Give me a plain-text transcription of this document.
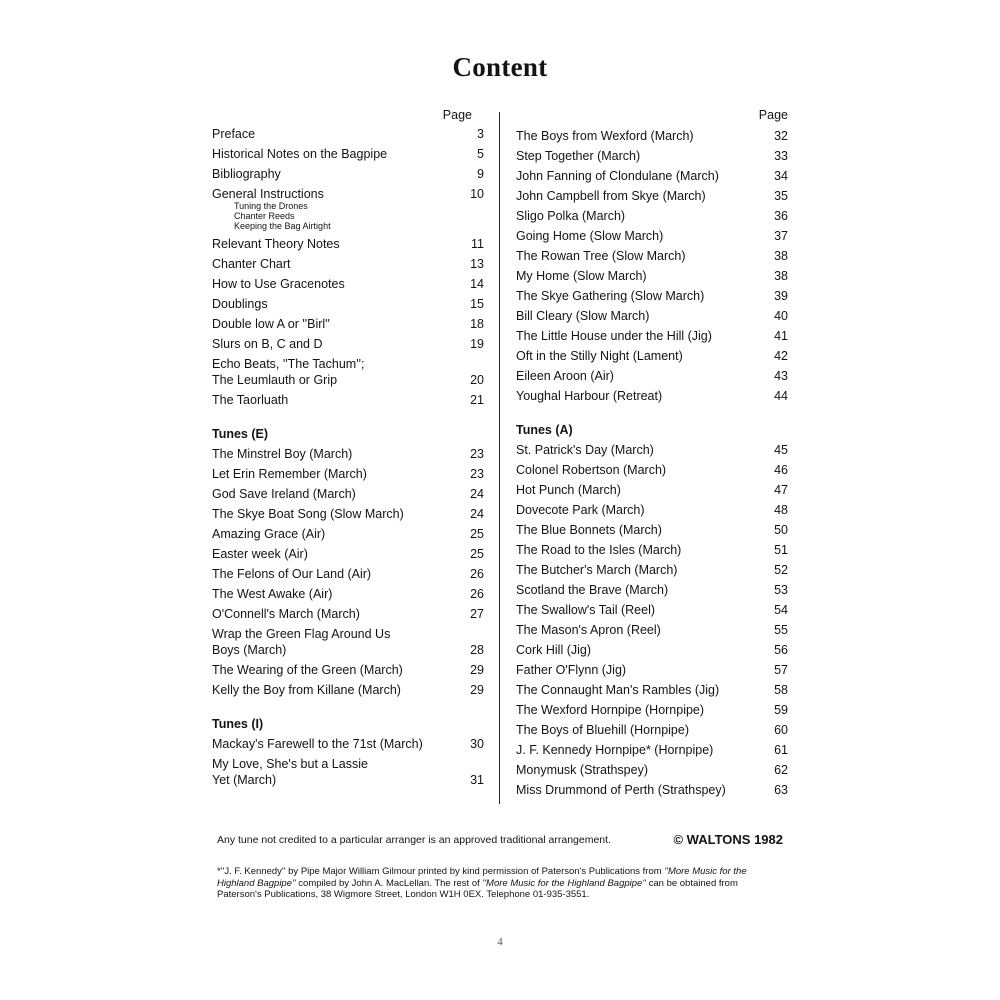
Content
Page
Preface	3
Historical Notes on the Bagpipe	5
Bibliography	9
General Instructions	10
Tuning the Drones
Chanter Reeds
Keeping the Bag Airtight
Relevant Theory Notes	11
Chanter Chart	13
How to Use Gracenotes	14
Doublings	15
Double low A or ''Birl''	18
Slurs on B, C and D	19
Echo Beats, ''The Tachum'';
The Leumlauth or Grip	20
The Taorluath	21
Tunes (E)
The Minstrel Boy (March)	23
Let Erin Remember (March)	23
God Save Ireland (March)	24
The Skye Boat Song (Slow March)	24
Amazing Grace (Air)	25
Easter week (Air)	25
The Felons of Our Land (Air)	26
The West Awake (Air)	26
O'Connell's March (March)	27
Wrap the Green Flag Around Us
Boys (March)	28
The Wearing of the Green (March)	29
Kelly the Boy from Killane (March)	29
Tunes (I)
Mackay's Farewell to the 71st (March)	30
My Love, She's but a Lassie
Yet (March)	31
Page
The Boys from Wexford (March)	32
Step Together (March)	33
John Fanning of Clondulane (March)	34
John Campbell from Skye (March)	35
Sligo Polka (March)	36
Going Home (Slow March)	37
The Rowan Tree (Slow March)	38
My Home (Slow March)	38
The Skye Gathering (Slow March)	39
Bill Cleary (Slow March)	40
The Little House under the Hill (Jig)	41
Oft in the Stilly Night (Lament)	42
Eileen Aroon (Air)	43
Youghal Harbour (Retreat)	44
Tunes (A)
St. Patrick's Day (March)	45
Colonel Robertson (March)	46
Hot Punch (March)	47
Dovecote Park (March)	48
The Blue Bonnets (March)	50
The Road to the Isles (March)	51
The Butcher's March (March)	52
Scotland the Brave (March)	53
The Swallow's Tail (Reel)	54
The Mason's Apron (Reel)	55
Cork Hill (Jig)	56
Father O'Flynn (Jig)	57
The Connaught Man's Rambles (Jig)	58
The Wexford Hornpipe (Hornpipe)	59
The Boys of Bluehill (Hornpipe)	60
J. F. Kennedy Hornpipe* (Hornpipe)	61
Monymusk (Strathspey)	62
Miss Drummond of Perth (Strathspey)	63
Any tune not credited to a particular arranger is an approved traditional arrangement.	© WALTONS 1982
*''J. F. Kennedy'' by Pipe Major William Gilmour printed by kind permission of Paterson's Publications from ''More Music for the Highland Bagpipe'' compiled by John A. MacLellan. The rest of ''More Music for the Highland Bagpipe'' can be obtained from Paterson's Publications, 38 Wigmore Street, London W1H 0EX. Telephone 01-935-3551.
4
